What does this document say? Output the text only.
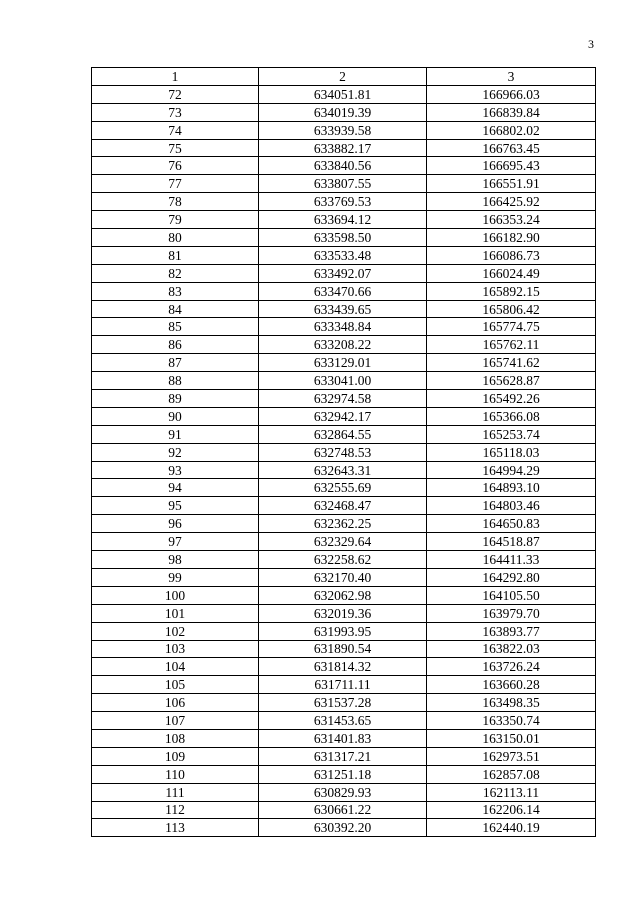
3
1	2	3
72	634051.81	166966.03
73	634019.39	166839.84
74	633939.58	166802.02
75	633882.17	166763.45
76	633840.56	166695.43
77	633807.55	166551.91
78	633769.53	166425.92
79	633694.12	166353.24
80	633598.50	166182.90
81	633533.48	166086.73
82	633492.07	166024.49
83	633470.66	165892.15
84	633439.65	165806.42
85	633348.84	165774.75
86	633208.22	165762.11
87	633129.01	165741.62
88	633041.00	165628.87
89	632974.58	165492.26
90	632942.17	165366.08
91	632864.55	165253.74
92	632748.53	165118.03
93	632643.31	164994.29
94	632555.69	164893.10
95	632468.47	164803.46
96	632362.25	164650.83
97	632329.64	164518.87
98	632258.62	164411.33
99	632170.40	164292.80
100	632062.98	164105.50
101	632019.36	163979.70
102	631993.95	163893.77
103	631890.54	163822.03
104	631814.32	163726.24
105	631711.11	163660.28
106	631537.28	163498.35
107	631453.65	163350.74
108	631401.83	163150.01
109	631317.21	162973.51
110	631251.18	162857.08
111	630829.93	162113.11
112	630661.22	162206.14
113	630392.20	162440.19
